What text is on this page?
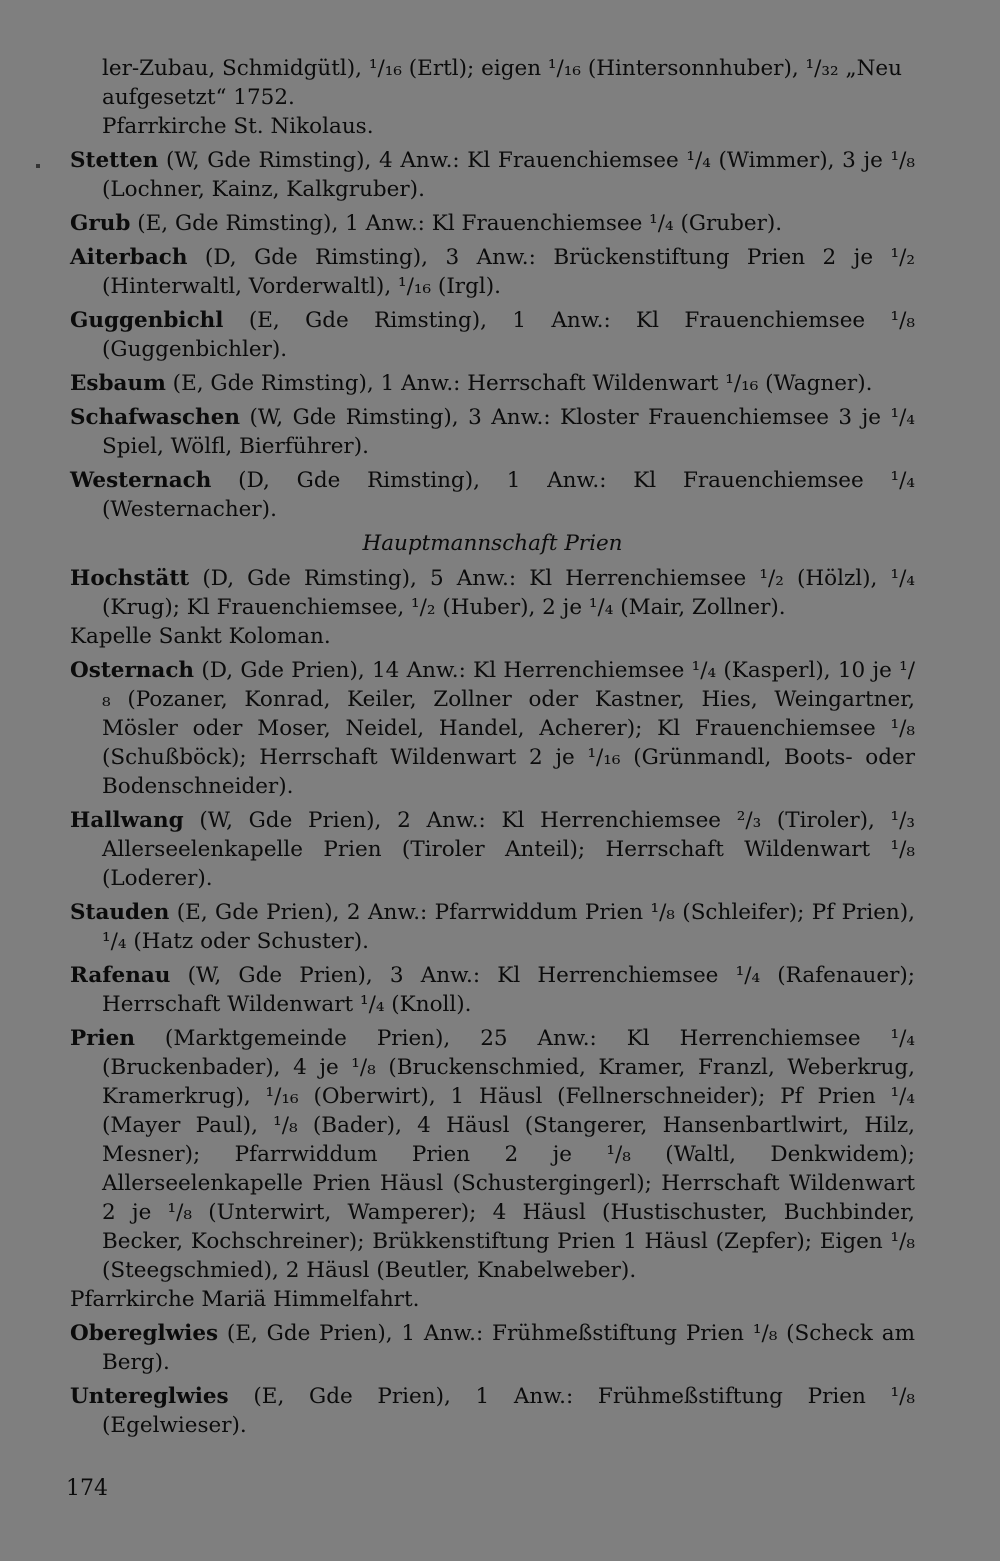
ler-Zubau, Schmidgütl), ¹/₁₆ (Ertl); eigen ¹/₁₆ (Hintersonnhuber), ¹/₃₂ „Neu aufgesetzt“ 1752.
Pfarrkirche St. Nikolaus.
Stetten (W, Gde Rimsting), 4 Anw.: Kl Frauenchiemsee ¹/₄ (Wimmer), 3 je ¹/₈ (Lochner, Kainz, Kalkgruber).
Grub (E, Gde Rimsting), 1 Anw.: Kl Frauenchiemsee ¹/₄ (Gruber).
Aiterbach (D, Gde Rimsting), 3 Anw.: Brückenstiftung Prien 2 je ¹/₂ (Hinterwaltl, Vorderwaltl), ¹/₁₆ (Irgl).
Guggenbichl (E, Gde Rimsting), 1 Anw.: Kl Frauenchiemsee ¹/₈ (Guggenbichler).
Esbaum (E, Gde Rimsting), 1 Anw.: Herrschaft Wildenwart ¹/₁₆ (Wagner).
Schafwaschen (W, Gde Rimsting), 3 Anw.: Kloster Frauenchiemsee 3 je ¹/₄ Spiel, Wölfl, Bierführer).
Westernach (D, Gde Rimsting), 1 Anw.: Kl Frauenchiemsee ¹/₄ (Westernacher).
Hauptmannschaft Prien
Hochstätt (D, Gde Rimsting), 5 Anw.: Kl Herrenchiemsee ¹/₂ (Hölzl), ¹/₄ (Krug); Kl Frauenchiemsee, ¹/₂ (Huber), 2 je ¹/₄ (Mair, Zollner).
Kapelle Sankt Koloman.
Osternach (D, Gde Prien), 14 Anw.: Kl Herrenchiemsee ¹/₄ (Kasperl), 10 je ¹/₈ (Pozaner, Konrad, Keiler, Zollner oder Kastner, Hies, Weingartner, Mösler oder Moser, Neidel, Handel, Acherer); Kl Frauenchiemsee ¹/₈ (Schußböck); Herrschaft Wildenwart 2 je ¹/₁₆ (Grünmandl, Boots- oder Bodenschneider).
Hallwang (W, Gde Prien), 2 Anw.: Kl Herrenchiemsee ²/₃ (Tiroler), ¹/₃ Allerseelenkapelle Prien (Tiroler Anteil); Herrschaft Wildenwart ¹/₈ (Loderer).
Stauden (E, Gde Prien), 2 Anw.: Pfarrwiddum Prien ¹/₈ (Schleifer); Pf Prien), ¹/₄ (Hatz oder Schuster).
Rafenau (W, Gde Prien), 3 Anw.: Kl Herrenchiemsee ¹/₄ (Rafenauer); Herrschaft Wildenwart ¹/₄ (Knoll).
Prien (Marktgemeinde Prien), 25 Anw.: Kl Herrenchiemsee ¹/₄ (Bruckenbader), 4 je ¹/₈ (Bruckenschmied, Kramer, Franzl, Weberkrug, Kramerkrug), ¹/₁₆ (Oberwirt), 1 Häusl (Fellnerschneider); Pf Prien ¹/₄ (Mayer Paul), ¹/₈ (Bader), 4 Häusl (Stangerer, Hansenbartlwirt, Hilz, Mesner); Pfarrwiddum Prien 2 je ¹/₈ (Waltl, Denkwidem); Allerseelenkapelle Prien Häusl (Schustergingerl); Herrschaft Wildenwart 2 je ¹/₈ (Unterwirt, Wamperer); 4 Häusl (Hustischuster, Buchbinder, Becker, Kochschreiner); Brükkenstiftung Prien 1 Häusl (Zepfer); Eigen ¹/₈ (Steegschmied), 2 Häusl (Beutler, Knabelweber).
Pfarrkirche Mariä Himmelfahrt.
Obereglwies (E, Gde Prien), 1 Anw.: Frühmeßstiftung Prien ¹/₈ (Scheck am Berg).
Untereglwies (E, Gde Prien), 1 Anw.: Frühmeßstiftung Prien ¹/₈ (Egelwieser).
174
